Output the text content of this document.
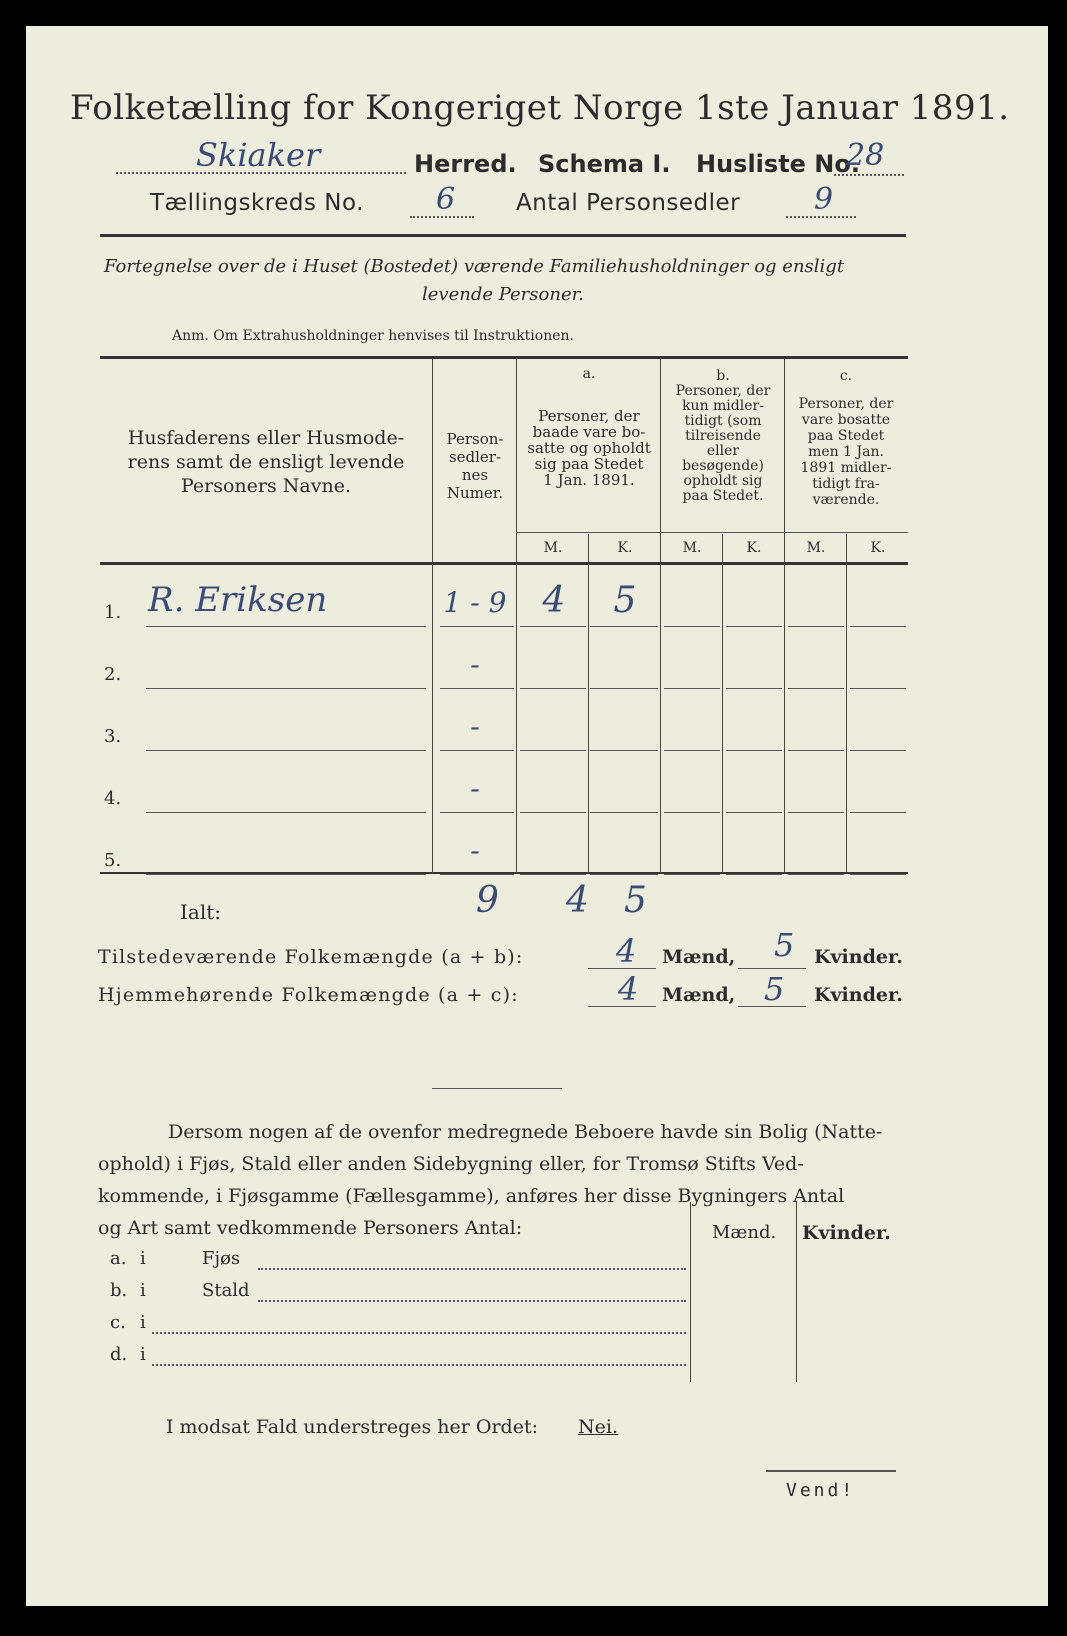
Folketælling for Kongeriget Norge 1ste Januar 1891.
Skiaker	Herred. Schema I. Husliste No.
28
Tællingskreds No. 6	Antal Personsedler 9
Fortegnelse over de i Huset (Bostedet) værende Familiehusholdninger og ensligt
levende Personer.
Anm. Om Extrahusholdninger henvises til Instruktionen.
Husfaderens eller Husmode-
rens samt de ensligt levende
Personers Navne.
Person-
sedler-
nes
Numer.
a.
Personer, der
baade vare bo-
satte og opholdt
sig paa Stedet
1 Jan. 1891.
b.
Personer, der
kun midler-
tidigt (som
tilreisende
eller
besøgende)
opholdt sig
paa Stedet.
c.
Personer, der
vare bosatte
paa Stedet
men 1 Jan.
1891 midler-
tidigt fra-
værende.
M.	K.	M.	K.	M.	K.
Ialt:	9 4 5
Tilstedeværende Folkemængde (a + b):	4 Mænd, 5 Kvinder.
Hjemmehørende Folkemængde (a + c):	4 Mænd, 5 Kvinder.
Dersom nogen af de ovenfor medregnede Beboere havde sin Bolig (Natte-
ophold) i Fjøs, Stald eller anden Sidebygning eller, for Tromsø Stifts Ved-
kommende, i Fjøsgamme (Fællesgamme), anføres her disse Bygningers Antal
og Art samt vedkommende Personers Antal:	Mænd. Kvinder.
I modsat Fald understreges her Ordet: Nei.
Vend!
1. R. Eriksen	1 - 9	4	5
2.	-
3.	-
4.	-
5.	-
a. i	Fjøs
b. i	Stald
c. i
d. i
